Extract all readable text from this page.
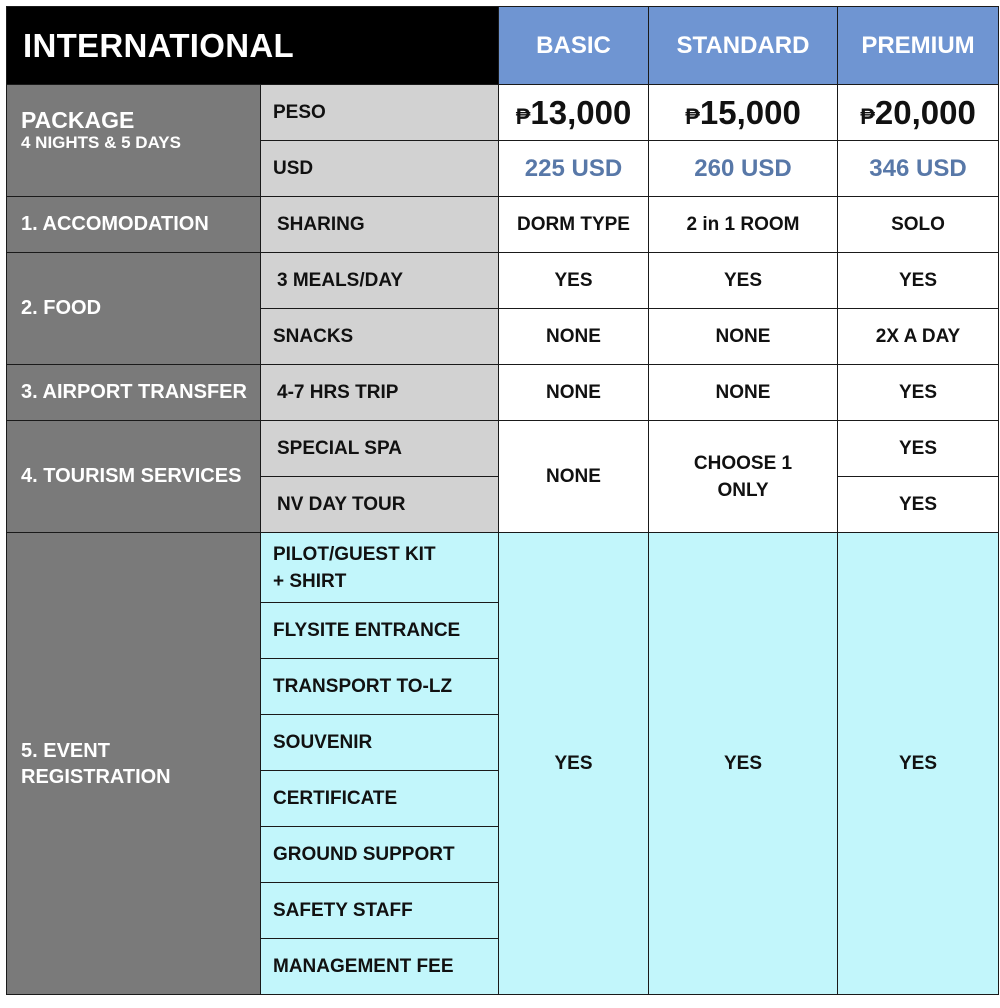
INTERNATIONAL		BASIC	STANDARD	PREMIUM

PACKAGE
4 NIGHTS & 5 DAYS	PESO	₱13,000	₱15,000	₱20,000
	USD	225 USD	260 USD	346 USD
1. ACCOMODATION	SHARING	DORM TYPE	2 in 1 ROOM	SOLO
2. FOOD	3 MEALS/DAY	YES	YES	YES
	SNACKS	NONE	NONE	2X A DAY
3. AIRPORT TRANSFER	4-7 HRS TRIP	NONE	NONE	YES
4. TOURISM SERVICES	SPECIAL SPA	NONE	CHOOSE 1
ONLY	YES
	NV DAY TOUR			YES

5. EVENT
REGISTRATION	PILOT/GUEST KIT
+ SHIRT	YES	YES	YES
	FLYSITE ENTRANCE			
	TRANSPORT TO-LZ			
	SOUVENIR			
	CERTIFICATE			
	GROUND SUPPORT			
	SAFETY STAFF			
	MANAGEMENT FEE			
